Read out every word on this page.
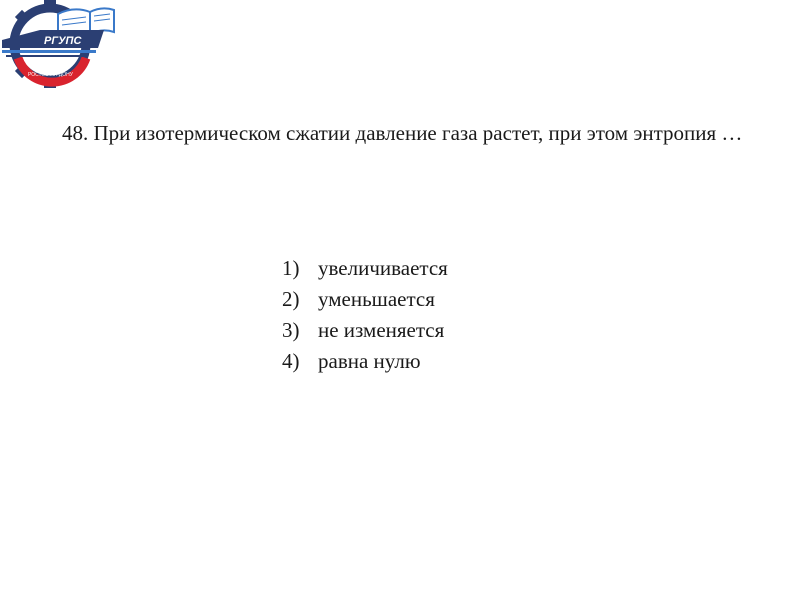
РГУПС
РОСТОВ-НА-ДОНУ

48. При изотермическом сжатии давление газа растет, при этом энтропия …

1) увеличивается
2) уменьшается
3) не изменяется
4) равна нулю
